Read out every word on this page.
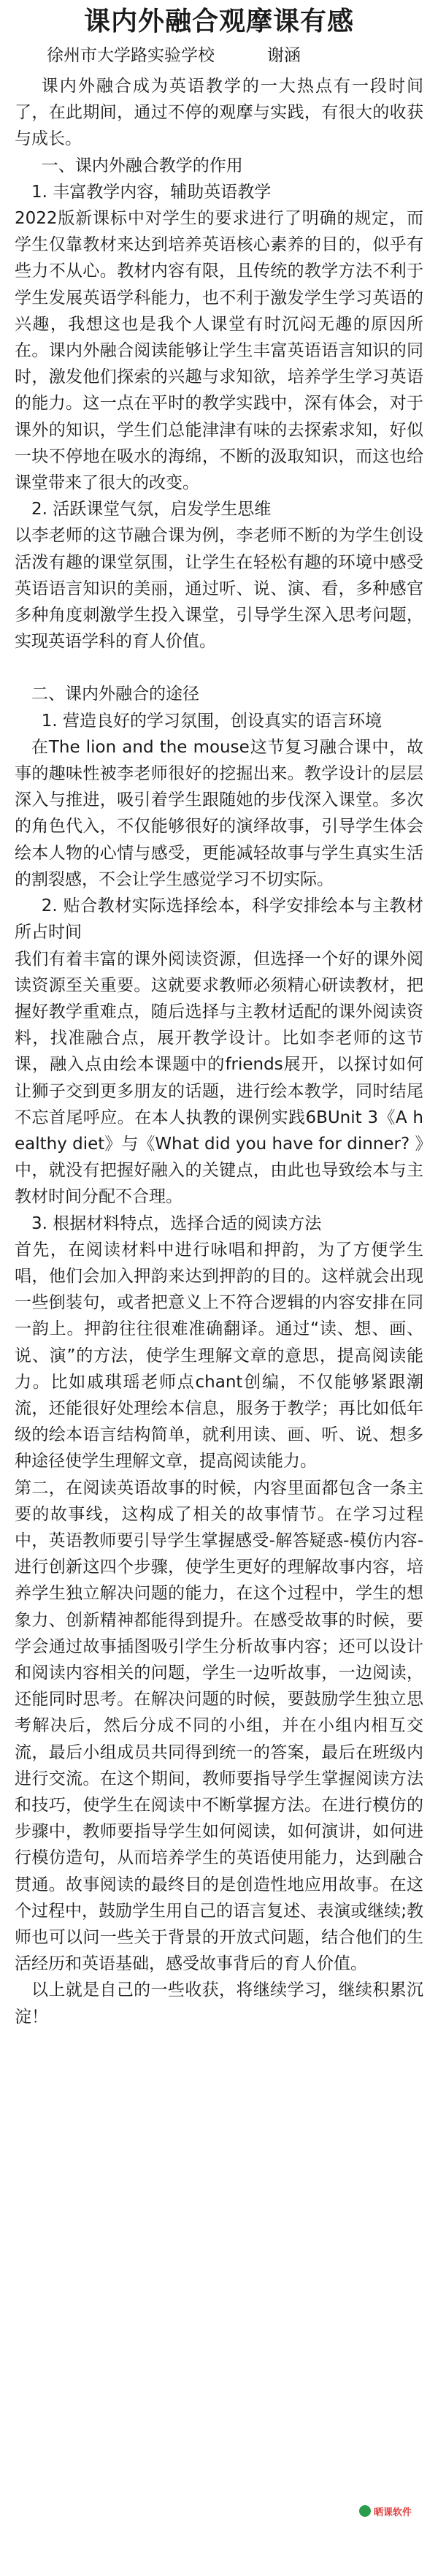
课内外融合观摩课有感
徐州市大学路实验学校	谢涵

课内外融合成为英语教学的一大热点有一段时间了，在此期间，通过不停的观摩与实践，有很大的收获与成长。

一、课内外融合教学的作用

1. 丰富教学内容，辅助英语教学

2022版新课标中对学生的要求进行了明确的规定，而学生仅靠教材来达到培养英语核心素养的目的，似乎有些力不从心。教材内容有限，且传统的教学方法不利于学生发展英语学科能力，也不利于激发学生学习英语的兴趣，我想这也是我个人课堂有时沉闷无趣的原因所在。课内外融合阅读能够让学生丰富英语语言知识的同时，激发他们探索的兴趣与求知欲，培养学生学习英语的能力。这一点在平时的教学实践中，深有体会，对于课外的知识，学生们总能津津有味的去探索求知，好似一块不停地在吸水的海绵，不断的汲取知识，而这也给课堂带来了很大的改变。

2. 活跃课堂气氛，启发学生思维

以李老师的这节融合课为例，李老师不断的为学生创设活泼有趣的课堂氛围，让学生在轻松有趣的环境中感受英语语言知识的美丽，通过听、说、演、看，多种感官多种角度刺激学生投入课堂，引导学生深入思考问题，实现英语学科的育人价值。

二、课内外融合的途径

1. 营造良好的学习氛围，创设真实的语言环境

在The lion and the mouse这节复习融合课中，故事的趣味性被李老师很好的挖掘出来。教学设计的层层深入与推进，吸引着学生跟随她的步伐深入课堂。多次的角色代入，不仅能够很好的演绎故事，引导学生体会绘本人物的心情与感受，更能减轻故事与学生真实生活的割裂感，不会让学生感觉学习不切实际。

2. 贴合教材实际选择绘本，科学安排绘本与主教材所占时间

我们有着丰富的课外阅读资源，但选择一个好的课外阅读资源至关重要。这就要求教师必须精心研读教材，把握好教学重难点，随后选择与主教材适配的课外阅读资料，找准融合点，展开教学设计。比如李老师的这节课，融入点由绘本课题中的friends展开，以探讨如何让狮子交到更多朋友的话题，进行绘本教学，同时结尾不忘首尾呼应。在本人执教的课例实践6BUnit 3《A healthy diet》与《What did you have for dinner? 》中，就没有把握好融入的关键点，由此也导致绘本与主教材时间分配不合理。

3. 根据材料特点，选择合适的阅读方法

首先，在阅读材料中进行咏唱和押韵，为了方便学生唱，他们会加入押韵来达到押韵的目的。这样就会出现一些倒装句，或者把意义上不符合逻辑的内容安排在同一韵上。押韵往往很难准确翻译。通过“读、想、画、说、演”的方法，使学生理解文章的意思，提高阅读能力。比如戚琪瑶老师点chant创编，不仅能够紧跟潮流，还能很好处理绘本信息，服务于教学；再比如低年级的绘本语言结构简单，就利用读、画、听、说、想多种途径使学生理解文章，提高阅读能力。

第二，在阅读英语故事的时候，内容里面都包含一条主要的故事线，这构成了相关的故事情节。在学习过程中，英语教师要引导学生掌握感受-解答疑惑-模仿内容-进行创新这四个步骤，使学生更好的理解故事内容，培养学生独立解决问题的能力，在这个过程中，学生的想象力、创新精神都能得到提升。在感受故事的时候，要学会通过故事插图吸引学生分析故事内容；还可以设计和阅读内容相关的问题，学生一边听故事，一边阅读，还能同时思考。在解决问题的时候，要鼓励学生独立思考解决后，然后分成不同的小组，并在小组内相互交流，最后小组成员共同得到统一的答案，最后在班级内进行交流。在这个期间，教师要指导学生掌握阅读方法和技巧，使学生在阅读中不断掌握方法。在进行模仿的步骤中，教师要指导学生如何阅读，如何演讲，如何进行模仿造句，从而培养学生的英语使用能力，达到融合贯通。故事阅读的最终目的是创造性地应用故事。在这个过程中，鼓励学生用自己的语言复述、表演或继续;教师也可以问一些关于背景的开放式问题，结合他们的生活经历和英语基础，感受故事背后的育人价值。

以上就是自己的一些收获，将继续学习，继续积累沉淀！

晒课软件
